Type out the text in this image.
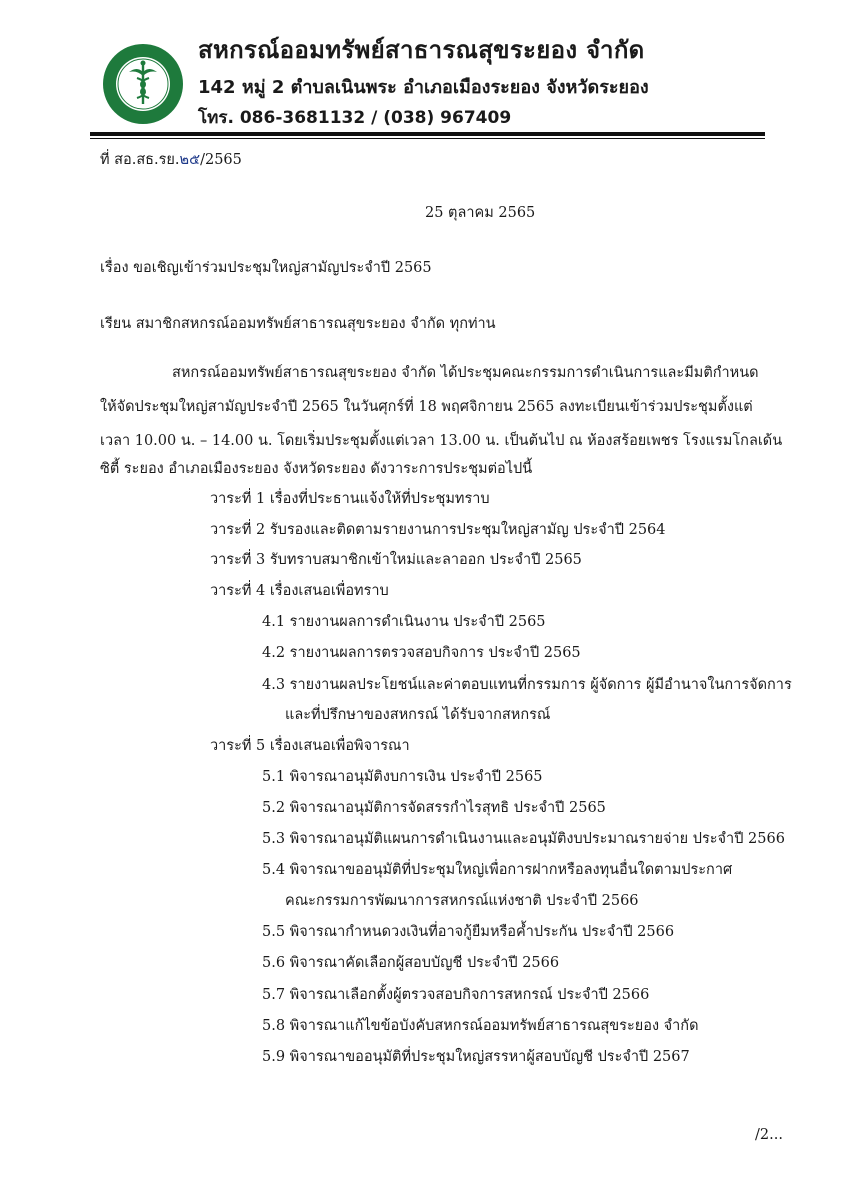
สหกรณ์ออมทรัพย์สาธารณสุขระยอง จำกัด
142 หมู่ 2 ตำบลเนินพระ อำเภอเมืองระยอง จังหวัดระยอง
โทร. 086-3681132 / (038) 967409
ที่ สอ.สธ.รย.๒๕/2565
25 ตุลาคม 2565
เรื่อง ขอเชิญเข้าร่วมประชุมใหญ่สามัญประจำปี 2565
เรียน สมาชิกสหกรณ์ออมทรัพย์สาธารณสุขระยอง จำกัด ทุกท่าน
สหกรณ์ออมทรัพย์สาธารณสุขระยอง จำกัด ได้ประชุมคณะกรรมการดำเนินการและมีมติกำหนด
ให้จัดประชุมใหญ่สามัญประจำปี 2565 ในวันศุกร์ที่ 18 พฤศจิกายน 2565 ลงทะเบียนเข้าร่วมประชุมตั้งแต่
เวลา 10.00 น. – 14.00 น. โดยเริ่มประชุมตั้งแต่เวลา 13.00 น. เป็นต้นไป ณ ห้องสร้อยเพชร โรงแรมโกลเด้น
ซิตี้ ระยอง อำเภอเมืองระยอง จังหวัดระยอง ดังวาระการประชุมต่อไปนี้
วาระที่ 1 เรื่องที่ประธานแจ้งให้ที่ประชุมทราบ
วาระที่ 2 รับรองและติดตามรายงานการประชุมใหญ่สามัญ ประจำปี 2564
วาระที่ 3 รับทราบสมาชิกเข้าใหม่และลาออก ประจำปี 2565
วาระที่ 4 เรื่องเสนอเพื่อทราบ
4.1 รายงานผลการดำเนินงาน ประจำปี 2565
4.2 รายงานผลการตรวจสอบกิจการ ประจำปี 2565
4.3 รายงานผลประโยชน์และค่าตอบแทนที่กรรมการ ผู้จัดการ ผู้มีอำนาจในการจัดการ
และที่ปรึกษาของสหกรณ์ ได้รับจากสหกรณ์
วาระที่ 5 เรื่องเสนอเพื่อพิจารณา
5.1 พิจารณาอนุมัติงบการเงิน ประจำปี 2565
5.2 พิจารณาอนุมัติการจัดสรรกำไรสุทธิ ประจำปี 2565
5.3 พิจารณาอนุมัติแผนการดำเนินงานและอนุมัติงบประมาณรายจ่าย ประจำปี 2566
5.4 พิจารณาขออนุมัติที่ประชุมใหญ่เพื่อการฝากหรือลงทุนอื่นใดตามประกาศ
คณะกรรมการพัฒนาการสหกรณ์แห่งชาติ ประจำปี 2566
5.5 พิจารณากำหนดวงเงินที่อาจกู้ยืมหรือค้ำประกัน ประจำปี 2566
5.6 พิจารณาคัดเลือกผู้สอบบัญชี ประจำปี 2566
5.7 พิจารณาเลือกตั้งผู้ตรวจสอบกิจการสหกรณ์ ประจำปี 2566
5.8 พิจารณาแก้ไขข้อบังคับสหกรณ์ออมทรัพย์สาธารณสุขระยอง จำกัด
5.9 พิจารณาขออนุมัติที่ประชุมใหญ่สรรหาผู้สอบบัญชี ประจำปี 2567
/2...
